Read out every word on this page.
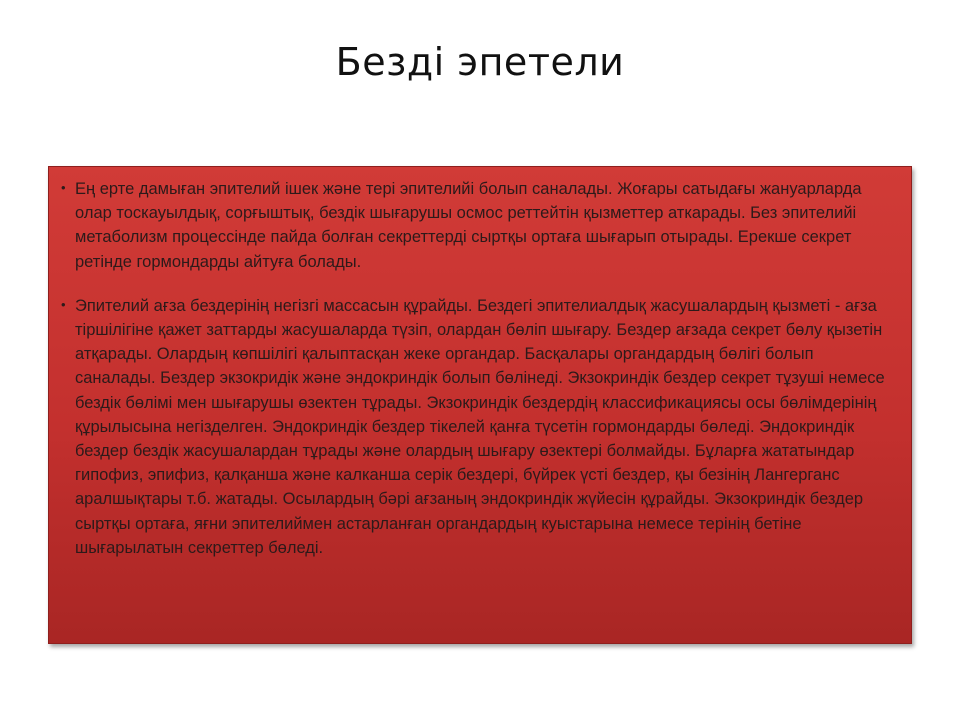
Безді эпетели
• Ең ерте дамыған эпителий ішек және тері эпителийі болып саналады. Жоғары сатыдағы жануарларда олар тоскауылдық, сорғыштық, бездік шығарушы осмос реттейтін қызметтер аткарады. Без эпителийі метаболизм процессінде пайда болған секреттерді сыртқы ортаға шығарып отырады. Ерекше секрет ретінде гормондарды айтуға болады.
• Эпителий ағза бездерінің негізгі массасын құрайды. Бездегі эпителиалдық жасушалардың қызметі - ағза тіршілігіне қажет заттарды жасушаларда түзіп, олардан бөліп шығару. Бездер ағзада секрет бөлу қызетін атқарады. Олардың көпшілігі қалыптасқан жеке органдар. Басқалары органдардың бөлігі болып саналады. Бездер экзокридік және эндокриндік болып бөлінеді. Экзокриндік бездер секрет тұзуші немесе бездік бөлімі мен шығарушы өзектен тұрады. Экзокриндік бездердің классификациясы осы бөлімдерінің құрылысына негізделген. Эндокриндік бездер тікелей қанға түсетін гормондарды бөледі. Эндокриндік бездер бездік жасушалардан тұрады және олардың шығару өзектері болмайды. Бұларға жататындар гипофиз, эпифиз, қалқанша және калканша серік бездері, бүйрек үсті бездер, қы безінің Лангерганс аралшықтары т.б. жатады. Осылардың бәрі ағзаның эндокриндік жүйесін құрайды. Экзокриндік бездер сыртқы ортаға, яғни эпителиймен астарланған органдардың куыстарына немесе терінің бетіне шығарылатын секреттер бөледі.
